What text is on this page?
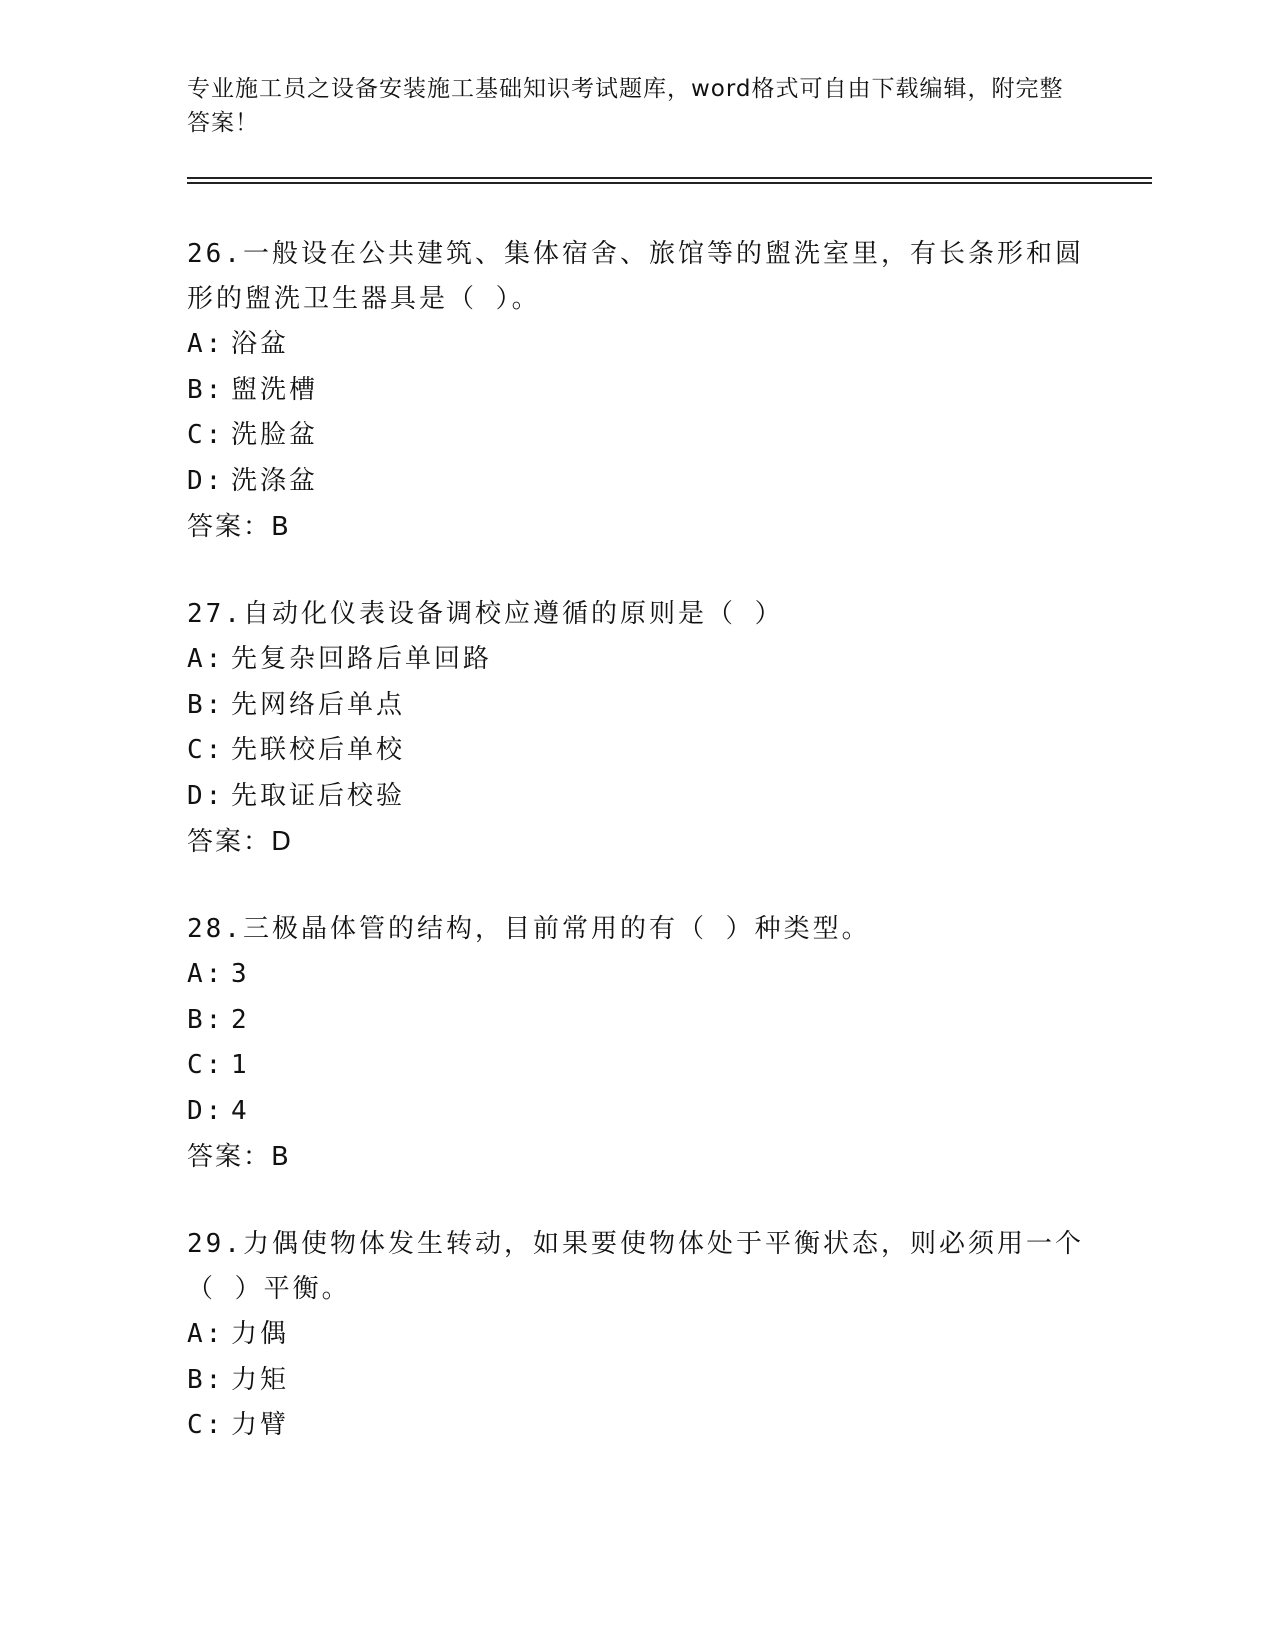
专业施工员之设备安装施工基础知识考试题库，word格式可自由下载编辑，附完整答案！

26.一般设在公共建筑、集体宿舍、旅馆等的盥洗室里，有长条形和圆形的盥洗卫生器具是（ ）。

A: 浴盆

B: 盥洗槽

C: 洗脸盆

D: 洗涤盆

答案：B

27.自动化仪表设备调校应遵循的原则是（ ）

A: 先复杂回路后单回路

B: 先网络后单点

C: 先联校后单校

D: 先取证后校验

答案：D

28.三极晶体管的结构，目前常用的有（ ）种类型。

A: 3

B: 2

C: 1

D: 4

答案：B

29.力偶使物体发生转动，如果要使物体处于平衡状态，则必须用一个（ ）平衡。

A: 力偶

B: 力矩

C: 力臂
